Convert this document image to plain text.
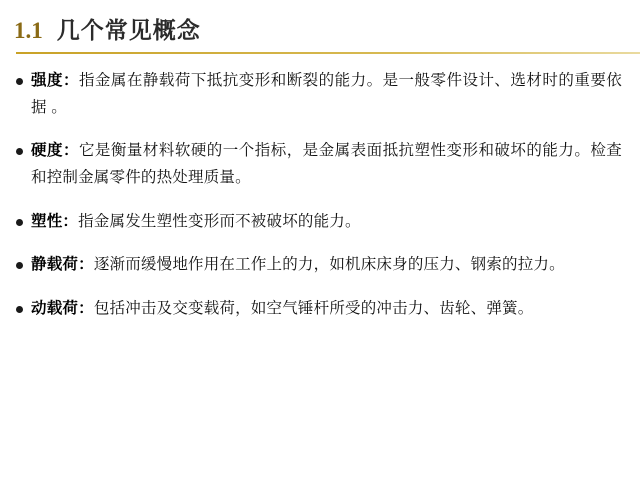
1.1 几个常见概念
强度：指金属在静载荷下抵抗变形和断裂的能力。是一般零件设计、选材时的重要依据 。
硬度：它是衡量材料软硬的一个指标，是金属表面抵抗塑性变形和破坏的能力。检查和控制金属零件的热处理质量。
塑性：指金属发生塑性变形而不被破坏的能力。
静载荷：逐渐而缓慢地作用在工作上的力，如机床床身的压力、钢索的拉力。
动载荷：包括冲击及交变载荷，如空气锤杆所受的冲击力、齿轮、弹簧。
